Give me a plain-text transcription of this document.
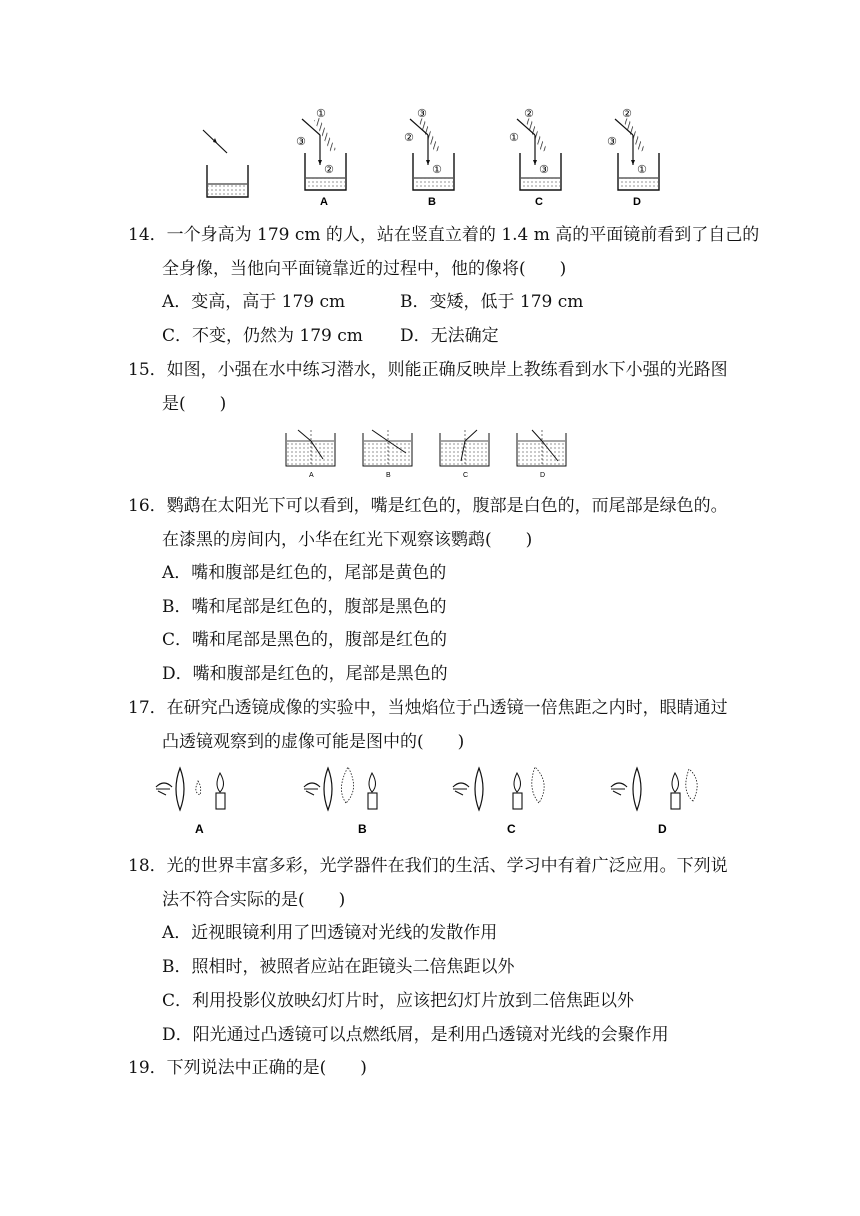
①
③
②
A
③
②
①
B
②
①
③
C
②
③
①
D
14．一个身高为 179 cm 的人，站在竖直立着的 1.4 m 高的平面镜前看到了自己的
全身像，当他向平面镜靠近的过程中，他的像将(　　)
A．变高，高于 179 cm	B．变矮，低于 179 cm
C．不变，仍然为 179 cm D．无法确定
15．如图，小强在水中练习潜水，则能正确反映岸上教练看到水下小强的光路图
是(　　)
A	B	C	D
16．鹦鹉在太阳光下可以看到，嘴是红色的，腹部是白色的，而尾部是绿色的。
在漆黑的房间内，小华在红光下观察该鹦鹉(　　)
A．嘴和腹部是红色的，尾部是黄色的
B．嘴和尾部是红色的，腹部是黑色的
C．嘴和尾部是黑色的，腹部是红色的
D．嘴和腹部是红色的，尾部是黑色的
17．在研究凸透镜成像的实验中，当烛焰位于凸透镜一倍焦距之内时，眼睛通过
凸透镜观察到的虚像可能是图中的(　　)
A	B	C	D
18．光的世界丰富多彩，光学器件在我们的生活、学习中有着广泛应用。下列说
法不符合实际的是(　　)
A．近视眼镜利用了凹透镜对光线的发散作用
B．照相时，被照者应站在距镜头二倍焦距以外
C．利用投影仪放映幻灯片时，应该把幻灯片放到二倍焦距以外
D．阳光通过凸透镜可以点燃纸屑，是利用凸透镜对光线的会聚作用
19．下列说法中正确的是(　　)
